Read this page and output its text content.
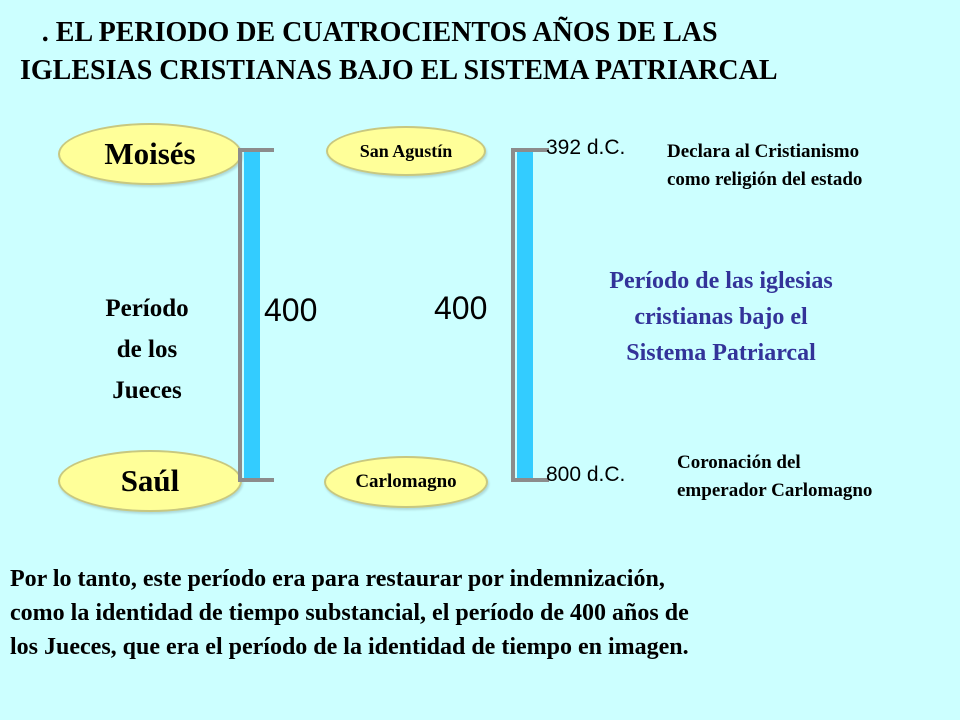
 . EL PERIODO DE CUATROCIENTOS AÑOS DE LAS
IGLESIAS CRISTIANAS BAJO EL SISTEMA PATRIARCAL
Moisés
Saúl
Período
de los
Jueces
400
San Agustín
Carlomagno
400
392 d.C.
800 d.C.
Declara al Cristianismo
como religión del estado
Coronación del
emperador Carlomagno
Período de las iglesias
cristianas bajo el
Sistema Patriarcal
Por lo tanto, este período era para restaurar por indemnización,
como la identidad de tiempo substancial, el período de 400 años de
los Jueces, que era el período de la identidad de tiempo en imagen.
